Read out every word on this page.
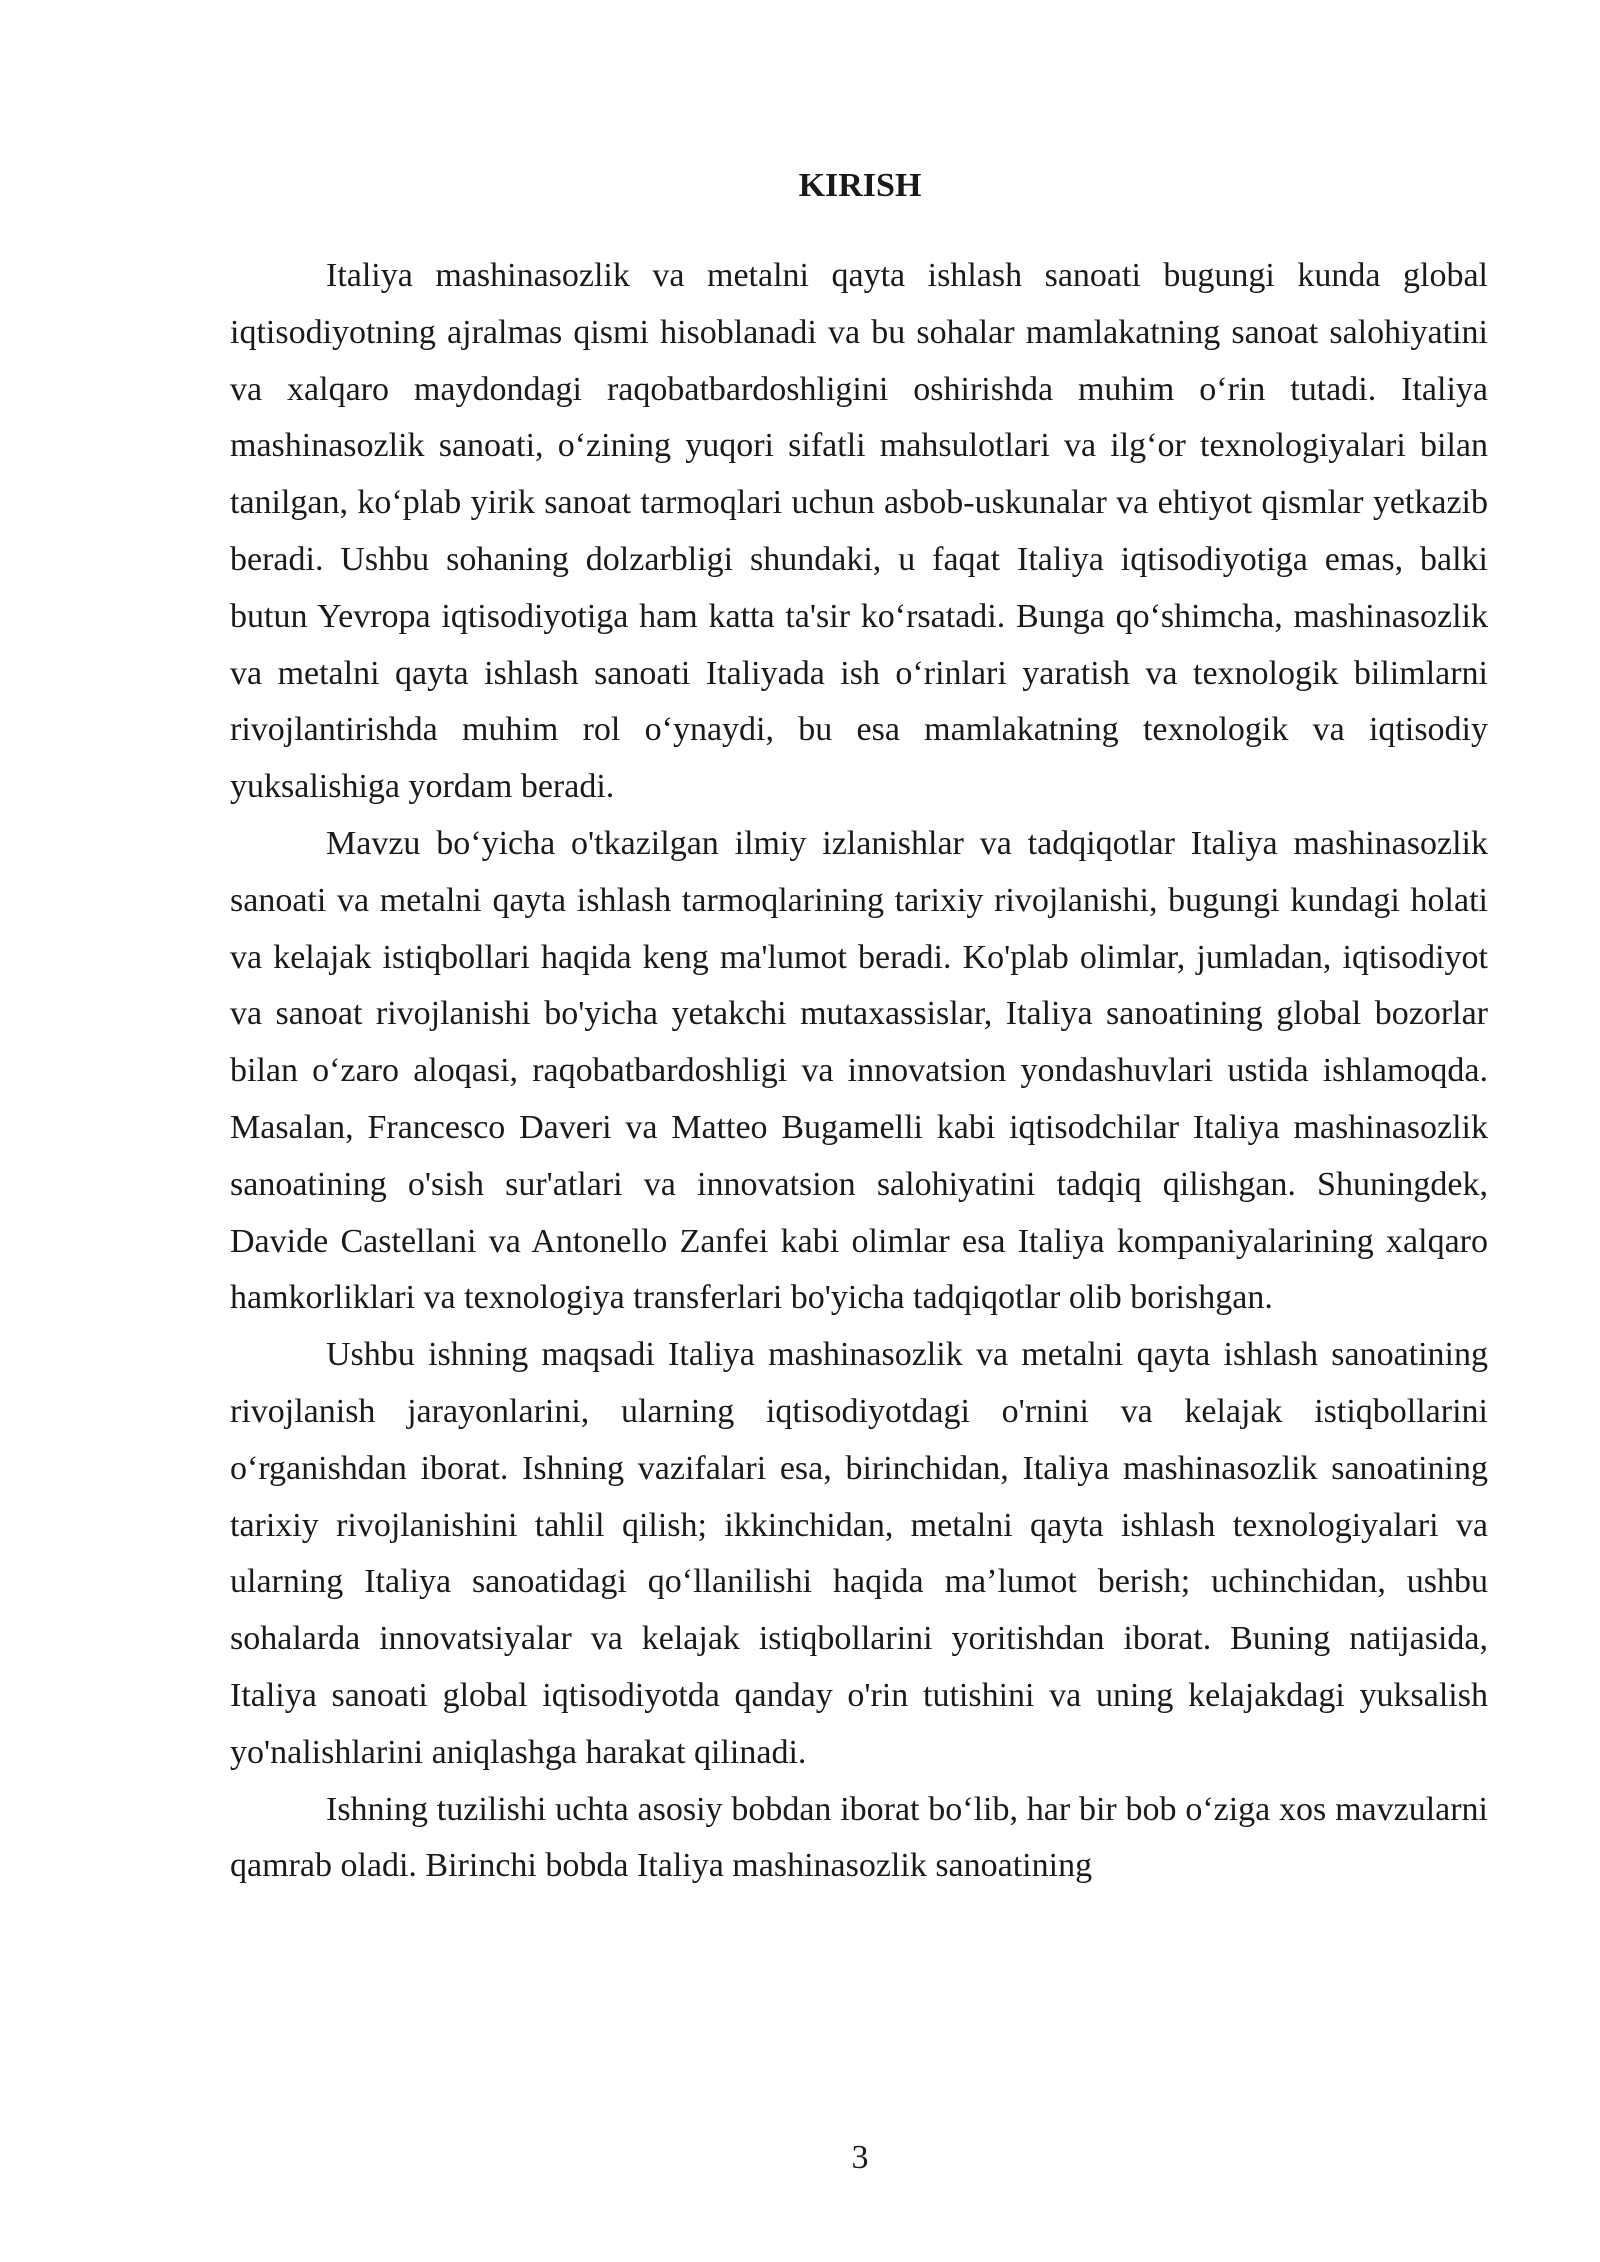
KIRISH

Italiya mashinasozlik va metalni qayta ishlash sanoati bugungi kunda global iqtisodiyotning ajralmas qismi hisoblanadi va bu sohalar mamlakatning sanoat salohiyatini va xalqaro maydondagi raqobatbardoshligini oshirishda muhim o‘rin tutadi. Italiya mashinasozlik sanoati, o‘zining yuqori sifatli mahsulotlari va ilg‘or texnologiyalari bilan tanilgan, ko‘plab yirik sanoat tarmoqlari uchun asbob-uskunalar va ehtiyot qismlar yetkazib beradi. Ushbu sohaning dolzarbligi shundaki, u faqat Italiya iqtisodiyotiga emas, balki butun Yevropa iqtisodiyotiga ham katta ta'sir ko‘rsatadi. Bunga qo‘shimcha, mashinasozlik va metalni qayta ishlash sanoati Italiyada ish o‘rinlari yaratish va texnologik bilimlarni rivojlantirishda muhim rol o‘ynaydi, bu esa mamlakatning texnologik va iqtisodiy yuksalishiga yordam beradi.

Mavzu bo‘yicha o'tkazilgan ilmiy izlanishlar va tadqiqotlar Italiya mashinasozlik sanoati va metalni qayta ishlash tarmoqlarining tarixiy rivojlanishi, bugungi kundagi holati va kelajak istiqbollari haqida keng ma'lumot beradi. Ko'plab olimlar, jumladan, iqtisodiyot va sanoat rivojlanishi bo'yicha yetakchi mutaxassislar, Italiya sanoatining global bozorlar bilan o‘zaro aloqasi, raqobatbardoshligi va innovatsion yondashuvlari ustida ishlamoqda. Masalan, Francesco Daveri va Matteo Bugamelli kabi iqtisodchilar Italiya mashinasozlik sanoatining o'sish sur'atlari va innovatsion salohiyatini tadqiq qilishgan. Shuningdek, Davide Castellani va Antonello Zanfei kabi olimlar esa Italiya kompaniyalarining xalqaro hamkorliklari va texnologiya transferlari bo'yicha tadqiqotlar olib borishgan.

Ushbu ishning maqsadi Italiya mashinasozlik va metalni qayta ishlash sanoatining rivojlanish jarayonlarini, ularning iqtisodiyotdagi o'rnini va kelajak istiqbollarini o‘rganishdan iborat. Ishning vazifalari esa, birinchidan, Italiya mashinasozlik sanoatining tarixiy rivojlanishini tahlil qilish; ikkinchidan, metalni qayta ishlash texnologiyalari va ularning Italiya sanoatidagi qo‘llanilishi haqida ma’lumot berish; uchinchidan, ushbu sohalarda innovatsiyalar va kelajak istiqbollarini yoritishdan iborat. Buning natijasida, Italiya sanoati global iqtisodiyotda qanday o'rin tutishini va uning kelajakdagi yuksalish yo'nalishlarini aniqlashga harakat qilinadi.

Ishning tuzilishi uchta asosiy bobdan iborat bo‘lib, har bir bob o‘ziga xos mavzularni qamrab oladi. Birinchi bobda Italiya mashinasozlik sanoatining

3
